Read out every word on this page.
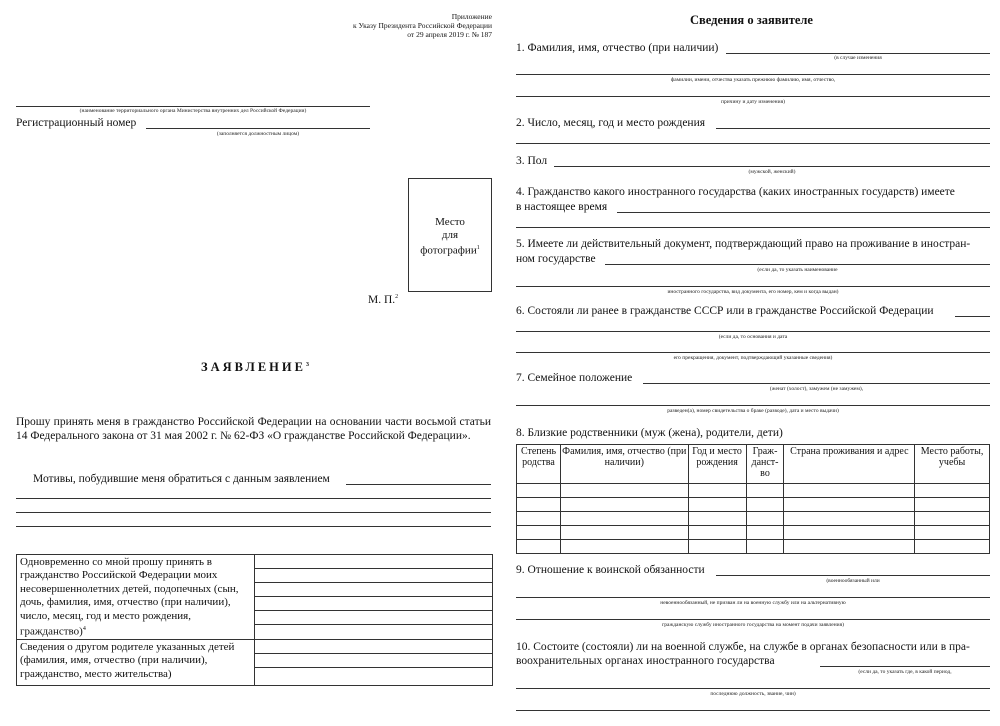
Приложение
к Указу Президента Российской Федерации
от 29 апреля 2019 г. № 187
(наименование территориального органа Министерства внутренних дел Российской Федерации)
Регистрационный номер
(заполняется должностным лицом)
Место
для
фотографии$^1$
М. П.$^2$
ЗАЯВЛЕНИЕ$^3$
Прошу принять меня в гражданство Российской Федерации на основании части восьмой статьи 14 Федерального закона от 31 мая 2002 г. № 62-ФЗ «О гражданстве Российской Федерации».
Мотивы, побудившие меня обратиться с данным заявлением
Одновременно со мной прошу принять в гражданство Российской Федерации моих несовершеннолетних детей, подопечных (сын, дочь, фамилия, имя, отчество (при наличии), число, месяц, год и место рождения, гражданство)$^4$
Сведения о другом родителе указанных детей (фамилия, имя, отчество (при наличии), гражданство, место жительства)
Сведения о заявителе
1. Фамилия, имя, отчество (при наличии)
(в случае изменения
фамилии, имени, отчества указать прежнюю фамилию, имя, отчество,
причину и дату изменения)
2. Число, месяц, год и место рождения
3. Пол
(мужской, женский)
4. Гражданство какого иностранного государства (каких иностранных государств) имеете
в настоящее время
5. Имеете ли действительный документ, подтверждающий право на проживание в иностран-
ном государстве
(если да, то указать наименование
иностранного государства, вид документа, его номер, кем и когда выдан)
6. Состояли ли ранее в гражданстве СССР или в гражданстве Российской Федерации
(если да, то основания и дата
его прекращения, документ, подтверждающий указанные сведения)
7. Семейное положение
(женат (холост), замужем (не замужем),
разведен(а), номер свидетельства о браке (разводе), дата и место выдачи)
8. Близкие родственники (муж (жена), родители, дети)
Степень родства	Фамилия, имя, отчество (при наличии)	Год и место рождения	Граж-данст-во	Страна проживания и адрес	Место работы, учебы

9. Отношение к воинской обязанности
(военнообязанный или
невоеннообязанный, не призван ли на военную службу или на альтернативную
гражданскую службу иностранного государства на момент подачи заявления)
10. Состоите (состояли) ли на военной службе, на службе в органах безопасности или в пра-
воохранительных органах иностранного государства
(если да, то указать где, в какой период,
последнюю должность, звание, чин)
